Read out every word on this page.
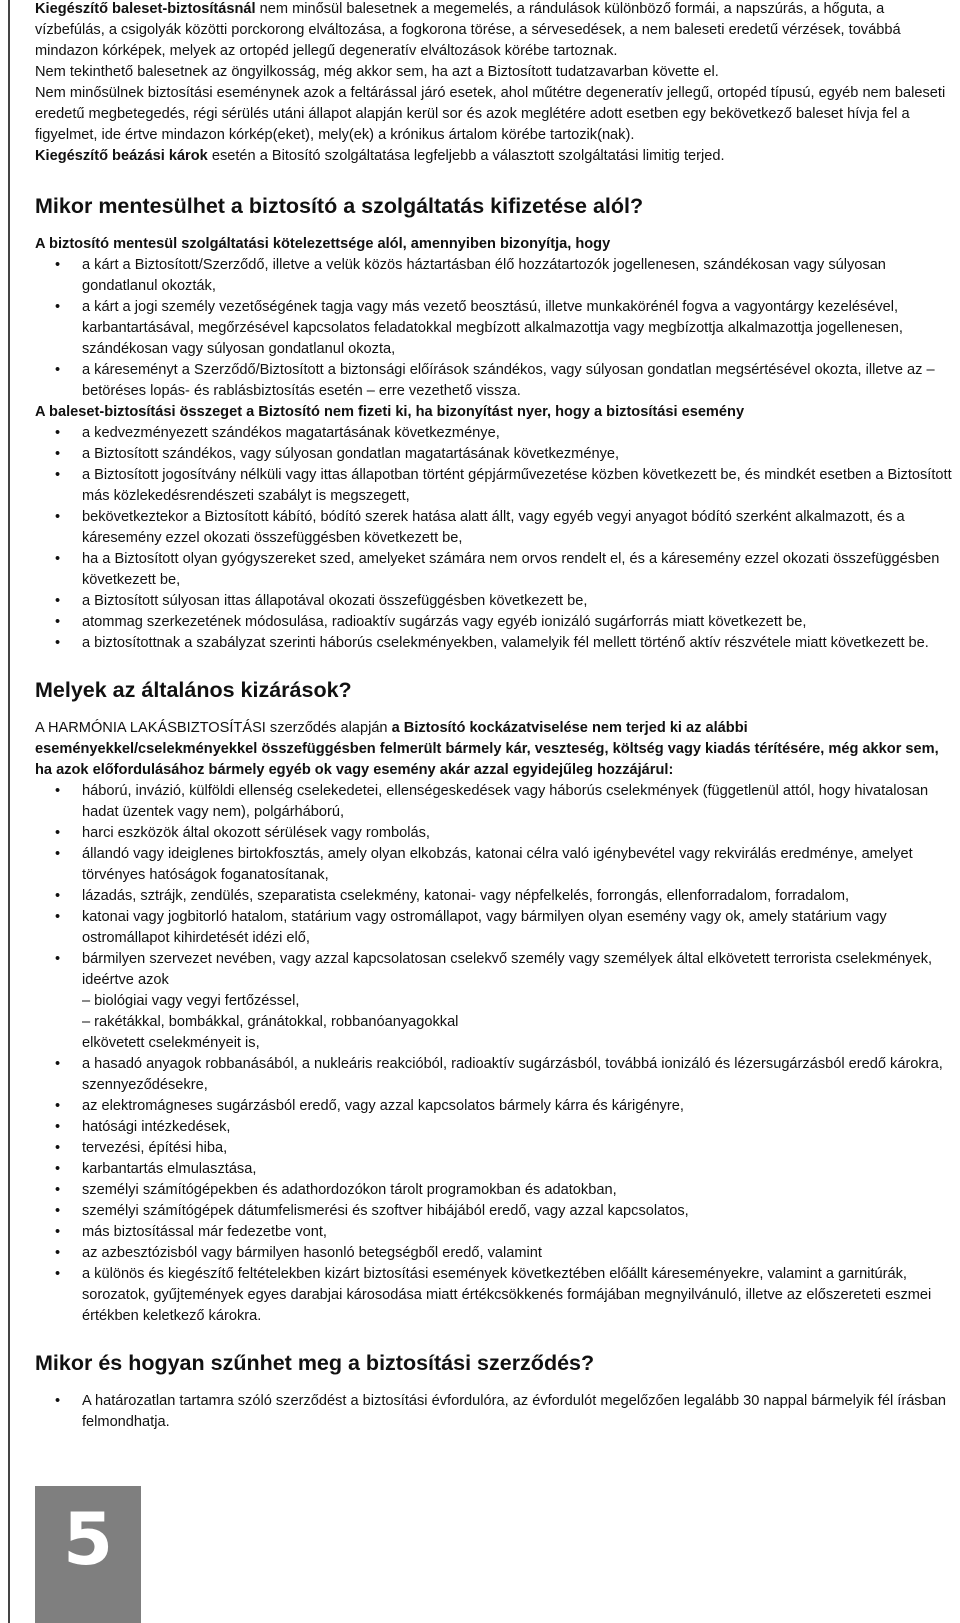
Kiegészítő baleset-biztosításnál nem minősül balesetnek a megemelés, a rándulások különböző formái, a napszúrás, a hőguta, a vízbefúlás, a csigolyák közötti porckorong elváltozása, a fogkorona törése, a sérvesedések, a nem baleseti eredetű vérzések, továbbá mindazon kórképek, melyek az ortopéd jellegű degeneratív elváltozások körébe tartoznak.

Nem tekinthető balesetnek az öngyilkosság, még akkor sem, ha azt a Biztosított tudatzavarban követte el.

Nem minősülnek biztosítási eseménynek azok a feltárással járó esetek, ahol műtétre degeneratív jellegű, ortopéd típusú, egyéb nem baleseti eredetű megbetegedés, régi sérülés utáni állapot alapján kerül sor és azok meglétére adott esetben egy bekövetkező baleset hívja fel a figyelmet, ide értve mindazon kórkép(eket), mely(ek) a krónikus ártalom körébe tartozik(nak).

Kiegészítő beázási károk esetén a Bitosító szolgáltatása legfeljebb a választott szolgáltatási limitig terjed.

Mikor mentesülhet a biztosító a szolgáltatás kifizetése alól?

A biztosító mentesül szolgáltatási kötelezettsége alól, amennyiben bizonyítja, hogy

• a kárt a Biztosított/Szerződő, illetve a velük közös háztartásban élő hozzátartozók jogellenesen, szándékosan vagy súlyosan gondatlanul okozták,
• a kárt a jogi személy vezetőségének tagja vagy más vezető beosztású, illetve munkakörénél fogva a vagyontárgy kezelésével, karbantartásával, megőrzésével kapcsolatos feladatokkal megbízott alkalmazottja vagy megbízottja alkalmazottja jogellenesen, szándékosan vagy súlyosan gondatlanul okozta,
• a káreseményt a Szerződő/Biztosított a biztonsági előírások szándékos, vagy súlyosan gondatlan megsértésével okozta, illetve az – betöréses lopás- és rablásbiztosítás esetén – erre vezethető vissza.

A baleset-biztosítási összeget a Biztosító nem fizeti ki, ha bizonyítást nyer, hogy a biztosítási esemény

• a kedvezményezett szándékos magatartásának következménye,
• a Biztosított szándékos, vagy súlyosan gondatlan magatartásának következménye,
• a Biztosított jogosítvány nélküli vagy ittas állapotban történt gépjárművezetése közben következett be, és mindkét esetben a Biztosított más közlekedésrendészeti szabályt is megszegett,
• bekövetkeztekor a Biztosított kábító, bódító szerek hatása alatt állt, vagy egyéb vegyi anyagot bódító szerként alkalmazott, és a káresemény ezzel okozati összefüggésben következett be,
• ha a Biztosított olyan gyógyszereket szed, amelyeket számára nem orvos rendelt el, és a káresemény ezzel okozati összefüggésben következett be,
• a Biztosított súlyosan ittas állapotával okozati összefüggésben következett be,
• atommag szerkezetének módosulása, radioaktív sugárzás vagy egyéb ionizáló sugárforrás miatt következett be,
• a biztosítottnak a szabályzat szerinti háborús cselekményekben, valamelyik fél mellett történő aktív részvétele miatt következett be.
Melyek az általános kizárások?

A HARMÓNIA LAKÁSBIZTOSÍTÁSI szerződés alapján a Biztosító kockázatviselése nem terjed ki az alábbi eseményekkel/cselekményekkel összefüggésben felmerült bármely kár, veszteség, költség vagy kiadás térítésére, még akkor sem, ha azok előfordulásához bármely egyéb ok vagy esemény akár azzal egyidejűleg hozzájárul:

• háború, invázió, külföldi ellenség cselekedetei, ellenségeskedések vagy háborús cselekmények (függetlenül attól, hogy hivatalosan hadat üzentek vagy nem), polgárháború,
• harci eszközök által okozott sérülések vagy rombolás,
• állandó vagy ideiglenes birtokfosztás, amely olyan elkobzás, katonai célra való igénybevétel vagy rekvirálás eredménye, amelyet törvényes hatóságok foganatosítanak,
• lázadás, sztrájk, zendülés, szeparatista cselekmény, katonai- vagy népfelkelés, forrongás, ellenforradalom, forradalom,
• katonai vagy jogbitorló hatalom, statárium vagy ostromállapot, vagy bármilyen olyan esemény vagy ok, amely statárium vagy ostromállapot kihirdetését idézi elő,
• bármilyen szervezet nevében, vagy azzal kapcsolatosan cselekvő személy vagy személyek által elkövetett terrorista cselekmények, ideértve azok
– biológiai vagy vegyi fertőzéssel,
– rakétákkal, bombákkal, gránátokkal, robbanóanyagokkal
elkövetett cselekményeit is,
• a hasadó anyagok robbanásából, a nukleáris reakcióból, radioaktív sugárzásból, továbbá ionizáló és lézersugárzásból eredő károkra, szennyeződésekre,
• az elektromágneses sugárzásból eredő, vagy azzal kapcsolatos bármely kárra és kárigényre,
• hatósági intézkedések,
• tervezési, építési hiba,
• karbantartás elmulasztása,
• személyi számítógépekben és adathordozókon tárolt programokban és adatokban,
• személyi számítógépek dátumfelismerési és szoftver hibájából eredő, vagy azzal kapcsolatos,
• más biztosítással már fedezetbe vont,
• az azbesztózisból vagy bármilyen hasonló betegségből eredő, valamint
• a különös és kiegészítő feltételekben kizárt biztosítási események következtében előállt káreseményekre, valamint a garnitúrák, sorozatok, gyűjtemények egyes darabjai károsodása miatt értékcsökkenés formájában megnyilvánuló, illetve az előszereteti eszmei értékben keletkező károkra.
Mikor és hogyan szűnhet meg a biztosítási szerződés?
• A határozatlan tartamra szóló szerződést a biztosítási évfordulóra, az évfordulót megelőzően legalább 30 nappal bármelyik fél írásban felmondhatja.
5
